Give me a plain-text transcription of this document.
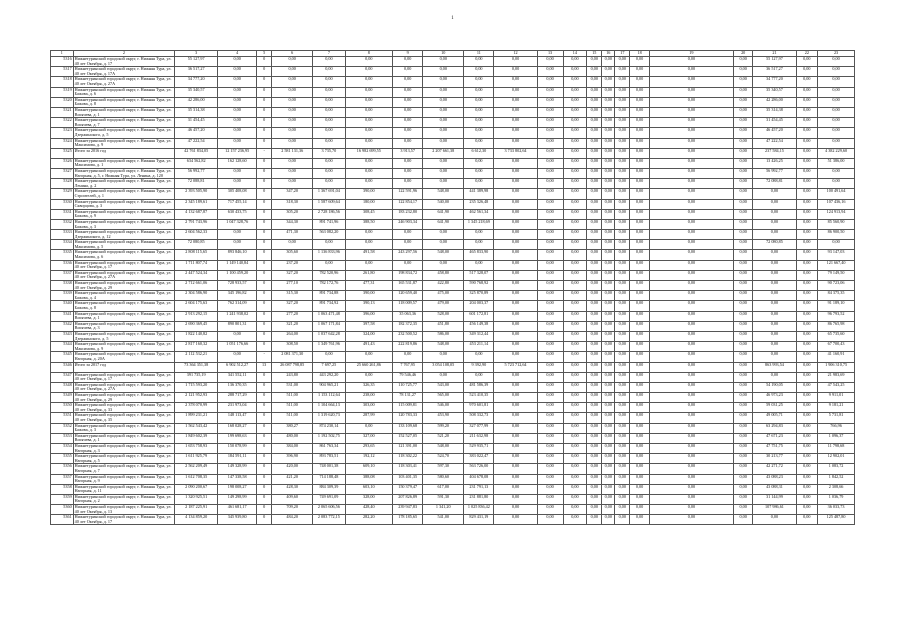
1
1	2	3	4	5	6	7	8	9	10	11	12	13	14	15	16	17	18	19	20	21	22	23
5316	Нижнетуринский городской округ, г. Нижняя Тура, ул. 40 лет Октября, д. 17	55 127,97	0,00	0	0,00	0,00	0,00	0,00	0,00	0,00	0,00	0,00	0,00	0,00	0,00	0,00	0,00	0,00	0,00	55 127,97	0,00	0,00
5317	Нижнетуринский городской округ, г. Нижняя Тура, ул. 40 лет Октября, д. 17А	36 517,27	0,00	0	0,00	0,00	0,00	0,00	0,00	0,00	0,00	0,00	0,00	0,00	0,00	0,00	0,00	0,00	0,00	36 517,27	0,00	0,00
5318	Нижнетуринский городской округ, г. Нижняя Тура, ул. 40 лет Октября, д. 27А	34 777,20	0,00	0	0,00	0,00	0,00	0,00	0,00	0,00	0,00	0,00	0,00	0,00	0,00	0,00	0,00	0,00	0,00	34 777,20	0,00	0,00
5319	Нижнетуринский городской округ, г. Нижняя Тура, ул. Бажова, д. 6	35 340,57	0,00	0	0,00	0,00	0,00	0,00	0,00	0,00	0,00	0,00	0,00	0,00	0,00	0,00	0,00	0,00	0,00	35 340,57	0,00	0,00
5320	Нижнетуринский городской округ, г. Нижняя Тура, ул. Бажова, д. 8	42 286,00	0,00	0	0,00	0,00	0,00	0,00	0,00	0,00	0,00	0,00	0,00	0,00	0,00	0,00	0,00	0,00	0,00	42 286,00	0,00	0,00
5321	Нижнетуринский городской округ, г. Нижняя Тура, ул. Висячева, д. 1	35 314,38	0,00	0	0,00	0,00	0,00	0,00	0,00	0,00	0,00	0,00	0,00	0,00	0,00	0,00	0,00	0,00	0,00	35 314,38	0,00	0,00
5322	Нижнетуринский городской округ, г. Нижняя Тура, ул. Висячева, д. 7	31 454,45	0,00	0	0,00	0,00	0,00	0,00	0,00	0,00	0,00	0,00	0,00	0,00	0,00	0,00	0,00	0,00	0,00	31 454,45	0,00	0,00
5323	Нижнетуринский городской округ, г. Нижняя Тура, ул. Дзержинского, д. 5	46 457,20	0,00	0	0,00	0,00	0,00	0,00	0,00	0,00	0,00	0,00	0,00	0,00	0,00	0,00	0,00	0,00	0,00	46 457,20	0,00	0,00
5324	Нижнетуринский городской округ, г. Нижняя Тура, ул. Максимова, д. 9	47 222,54	0,00	0	0,00	0,00	0,00	0,00	0,00	0,00	0,00	0,00	0,00	0,00	0,00	0,00	0,00	0,00	0,00	47 222,54	0,00	0,00
5325	Итого за 2016 год	42 761 834,05	12 157 236,95	-	2 581 131,36	3 735,70	16 982 699,55	3 913,57	2 207 661,38	6 612,30	3 733 802,64	0,00	0,00	0,00	0,00	0,00	0,00	0,00	0,00	237 584,15	0,00	4 382 229,60
5326	Нижнетуринский городской округ, г. Нижняя Тура, ул. Максимова, д. 1	634 562,82	162 128,60	0	0,00	0,00	0,00	0,00	0,00	0,00	0,00	0,00	0,00	0,00	0,00	0,00	0,00	0,00	0,00	13 426,25	0,00	51 386,00
5327	Нижнетуринский городской округ, г. Нижняя Тура, ул. Нагорная, д. 5, г. Нижняя Тура, ул. Ленина, д. 120	56 992,77	0,00	0	0,00	0,00	0,00	0,00	0,00	0,00	0,00	0,00	0,00	0,00	0,00	0,00	0,00	0,00	0,00	56 992,77	0,00	0,00
5328	Нижнетуринский городской округ, г. Нижняя Тура, ул. Ленина, д. 2	72 088,81	0,00	0	0,00	0,00	0,00	0,00	0,00	0,00	0,00	0,00	0,00	0,00	0,00	0,00	0,00	0,00	0,00	72 088,81	0,00	0,00
5329	Нижнетуринский городской округ, г. Нижняя Тура, ул. Строителей, д. 1	2 393 505,90	305 408,08	0	347,20	1 367 691,04	390,00	122 591,96	548,00	441 389,98	0,00	0,00	0,00	0,00	0,00	0,00	0,00	0,00	0,00	0,00	0,00	100 491,64
5330	Нижнетуринский городской округ, г. Нижняя Тура, ул. Скворцова, д. 3	2 345 189,61	717 455,14	0	318,30	1 587 609,64	180,00	122 854,17	540,00	235 326,48	0,00	0,00	0,00	0,00	0,00	0,00	0,00	0,00	0,00	0,00	0,00	107 436,16
5331	Нижнетуринский городской округ, г. Нижняя Тура, ул. Бажова, д. 9	4 132 687,87	630 433,75	0	305,20	2 728 186,56	308,45	183 232,80	641,90	462 561,34	0,00	0,00	0,00	0,00	0,00	0,00	0,00	0,00	0,00	0,00	0,00	124 913,94
5332	Нижнетуринский городской округ, г. Нижняя Тура, ул. Бажова, д. 3	2 791 743,96	1 047 328,76	0	344,30	891 741,96	388,50	246 903,34	641,90	1 345 218,69	0,00	0,00	0,00	0,00	0,00	0,00	0,00	0,00	0,00	0,00	0,00	85 560,90
5333	Нижнетуринский городской округ, г. Нижняя Тура, ул. Дзержинского, д. 12	2 604 562,33	0,00	0	471,30	563 082,20	0,00	0,00	0,00	0,00	0,00	0,00	0,00	0,00	0,00	0,00	0,00	0,00	0,00	0,00	0,00	86 900,50
5334	Нижнетуринский городской округ, г. Нижняя Тура, ул. Максимова, д. 5	72 080,85	0,00	0	0,00	0,00	0,00	0,00	0,00	0,00	0,00	0,00	0,00	0,00	0,00	0,00	0,00	0,00	0,00	72 080,85	0,00	0,00
5335	Нижнетуринский городской округ, г. Нижняя Тура, ул. Максимова, д. 6	2 808 115,65	893 846,10	0	305,60	1 136 833,96	491,58	243 297,56	548,00	465 833,90	0,00	0,00	0,00	0,00	0,00	0,00	0,00	0,00	0,00	0,00	0,00	93 147,03
5336	Нижнетуринский городской округ, г. Нижняя Тура, ул. 40 лет Октября, д. 17	1 711 807,74	1 149 140,84	0	237,20	0,00	0,00	0,00	0,00	0,00	0,00	0,00	0,00	0,00	0,00	0,00	0,00	0,00	0,00	0,00	0,00	121 667,40
5337	Нижнетуринский городской округ, г. Нижняя Тура, ул. 40 лет Октября, д. 27А	2 447 524,34	1 100 459,20	0	327,20	782 520,96	261,80	198 834,72	458,80	517 328,07	0,00	0,00	0,00	0,00	0,00	0,00	0,00	0,00	0,00	0,00	0,00	79 149,50
5338	Нижнетуринский городской округ, г. Нижняя Тура, ул. 40 лет Октября, д. 29	2 712 661,06	728 933,57	0	277,10	782 172,76	477,31	165 531,87	422,80	590 768,92	0,00	0,00	0,00	0,00	0,00	0,00	0,00	0,00	0,00	0,00	0,00	90 723,06
5339	Нижнетуринский городской округ, г. Нижняя Тура, ул. Бажова, д. 4	2 304 586,90	345 196,82	0	315,30	891 734,88	390,00	120 659,40	475,00	325 870,89	0,00	0,00	0,00	0,00	0,00	0,00	0,00	0,00	0,00	0,00	0,00	84 375,35
5340	Нижнетуринский городской округ, г. Нижняя Тура, ул. Бажова, д. 8	2 604 175,63	762 314,09	0	327,20	891 734,92	390,13	118 009,57	479,00	204 003,37	0,00	0,00	0,00	0,00	0,00	0,00	0,00	0,00	0,00	0,00	0,00	91 189,10
5341	Нижнетуринский городской округ, г. Нижняя Тура, ул. Висячева, д. 1	2 913 292,15	1 241 938,02	0	277,20	1 063 471,48	396,00	35 063,36	528,00	601 172,81	0,00	0,00	0,00	0,00	0,00	0,00	0,00	0,00	0,00	0,00	0,00	96 793,52
5342	Нижнетуринский городской округ, г. Нижняя Тура, ул. Висячева, д. 3	2 690 369,45	890 801,31	0	321,20	1 067 171,84	397,58	182 372,35	451,80	456 149,38	0,00	0,00	0,00	0,00	0,00	0,00	0,00	0,00	0,00	0,00	0,00	86 765,98
5343	Нижнетуринский городской округ, г. Нижняя Тура, ул. Дзержинского, д. 5	1 822 140,82	0,00	0	264,00	1 037 642,28	324,00	232 500,52	586,00	349 312,44	0,00	0,00	0,00	0,00	0,00	0,00	0,00	0,00	0,00	0,00	0,00	65 735,60
5344	Нижнетуринский городской округ, г. Нижняя Тура, ул. Максимова, д. 9	2 817 160,32	1 051 176,66	0	308,50	1 349 761,96	491,43	222 819,86	548,00	453 211,14	0,00	0,00	0,00	0,00	0,00	0,00	0,00	0,00	0,00	0,00	0,00	67 700,43
5345	Нижнетуринский городской округ, г. Нижняя Тура, ул. Нагорная, д. 20А	2 112 532,21	0,00	-	2 081 371,30	0,00	0,00	0,00	0,00	0,00	0,00	0,00	0,00	0,00	0,00	0,00	0,00	0,00	0,00	0,00	0,00	41 160,91
5346	Итого за 2017 год	73 364 351,38	6 902 512,27	13	26 087 798,85	7 697,25	25 660 261,86	7 767,95	3 054 108,05	9 392,90	5 723 712,64	0,00	0,00	0,00	0,00	0,00	0,00	0,00	0,00	863 993,54	0,00	1 906 310,75
5347	Нижнетуринский городской округ, г. Нижняя Тура, ул. 40 лет Октября, д. 17	391 735,19	341 552,11	0	243,80	443 292,20	0,00	79 546,46	0,00	0,00	0,00	0,00	0,00	0,00	0,00	0,00	0,00	0,00	0,00	0,00	0,00	21 983,69
5348	Нижнетуринский городской округ, г. Нижняя Тура, ул. 40 лет Октября, д. 27А	1 715 593,20	136 370,35	0	531,00	904 965,21	326,35	110 725,77	543,00	481 586,39	0,00	0,00	0,00	0,00	0,00	0,00	0,00	0,00	0,00	54 190,05	0,00	47 543,25
5349	Нижнетуринский городской округ, г. Нижняя Тура, ул. 40 лет Октября, д. 29	2 121 952,93	288 717,29	0	511,00	1 153 112,64	238,00	78 131,27	565,00	523 410,35	0,00	0,00	0,00	0,00	0,00	0,00	0,00	0,00	0,00	46 973,23	0,00	9 911,01
5350	Нижнетуринский городской округ, г. Нижняя Тура, ул. 40 лет Октября, д. 33	2 378 070,99	231 973,04	0	511,00	1 104 664,13	303,00	115 009,81	546,00	970 601,81	0,00	0,00	0,00	0,00	0,00	0,00	0,00	0,00	0,00	59 031,25	0,00	9 181,21
5351	Нижнетуринский городской округ, г. Нижняя Тура, ул. 40 лет Октября, д. 35	1 899 231,21	148 113,47	0	511,00	1 319 620,73	287,99	120 783,33	453,90	508 332,73	0,00	0,00	0,00	0,00	0,00	0,00	0,00	0,00	0,00	49 005,71	0,00	5 731,81
5352	Нижнетуринский городской округ, г. Нижняя Тура, ул. Бажова, д. 3	1 562 543,42	168 028,27	0	380,27	874 230,14	0,00	133 109,68	599,20	327 077,99	0,00	0,00	0,00	0,00	0,00	0,00	0,00	0,00	0,00	63 294,83	0,00	766,96
5353	Нижнетуринский городской округ, г. Нижняя Тура, ул. Висячева, д. 1	1 849 602,39	199 698,63	0	480,00	1 192 502,75	327,00	152 527,05	521,20	211 632,98	0,00	0,00	0,00	0,00	0,00	0,00	0,00	0,00	0,00	47 671,23	0,00	1 096,37
5354	Нижнетуринский городской округ, г. Нижняя Тура, ул. Нагорная, д. 3	1 653 758,93	150 078,99	0	384,00	861 763,34	293,65	121 391,00	548,00	529 935,71	0,00	0,00	0,00	0,00	0,00	0,00	0,00	0,00	0,00	47 751,75	0,00	11 798,68
5355	Нижнетуринский городской округ, г. Нижняя Тура, ул. Нагорная, д. 5	1 611 925,79	184 591,11	0	396,90	893 783,51	192,12	118 302,22	524,70	383 022,47	0,00	0,00	0,00	0,00	0,00	0,00	0,00	0,00	0,00	30 213,77	0,00	12 902,01
5356	Нижнетуринский городской округ, г. Нижняя Тура, ул. Нагорная, д. 7	2 562 209,49	149 328,99	0	420,00	748 001,38	609,10	118 303,41	597,30	563 726,00	0,00	0,00	0,00	0,00	0,00	0,00	0,00	0,00	0,00	42 271,72	0,00	1 083,72
5357	Нижнетуринский городской округ, г. Нижняя Тура, ул. Нагорная, д. 9	1 612 708,35	147 338,58	0	421,20	714 188,48	388,08	103 401,35	580,60	404 678,08	0,00	0,00	0,00	0,00	0,00	0,00	0,00	0,00	0,00	43 088,23	0,00	1 842,52
5358	Нижнетуринский городской округ, г. Нижняя Тура, ул. Нагорная, д. 11	2 090 200,67	198 008,27	0	428,30	884 309,39	603,10	150 379,47	617,00	231 791,13	0,00	0,00	0,00	0,00	0,00	0,00	0,00	0,00	0,00	43 088,31	0,00	2 308,66
5359	Нижнетуринский городской округ, г. Нижняя Тура, ул. Нагорная, д. 2	1 320 925,51	149 298,99	0	409,60	749 691,09	328,00	207 826,89	591,30	231 881,80	0,00	0,00	0,00	0,00	0,00	0,00	0,00	0,00	0,00	31 144,99	0,00	1 036,79
5360	Нижнетуринский городской округ, г. Нижняя Тура, ул. 40 лет Октября, д. 13	2 187 225,91	461 681,17	0	709,20	2 065 606,56	428,40	239 947,83	1 341,20	1 025 836,42	0,00	0,00	0,00	0,00	0,00	0,00	0,00	0,00	0,00	107 986,61	0,00	36 033,73
5361	Нижнетуринский городской округ, г. Нижняя Тура, ул. 40 лет Октября, д. 17	4 134 859,20	345 939,80	0	484,20	2 083 772,15	282,20	178 185,65	541,00	829 431,19	0,00	0,00	0,00	0,00	0,00	0,00	0,00	0,00	0,00	0,00	0,00	125 487,80
